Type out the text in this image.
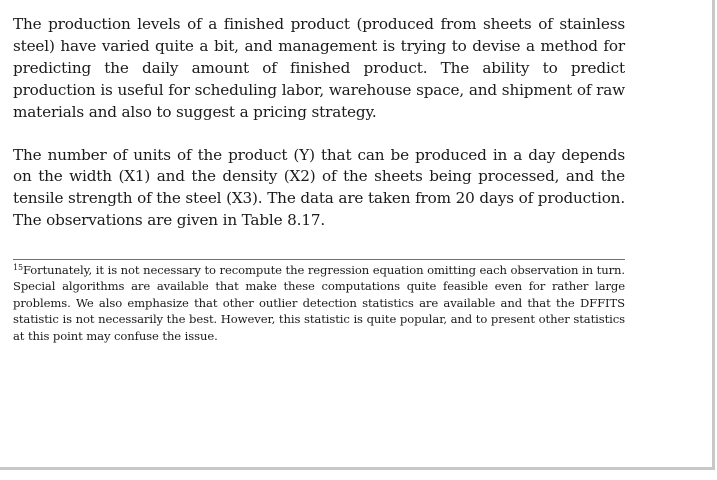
The production levels of a finished product (produced from sheets of stainless steel) have varied quite a bit, and management is trying to devise a method for predicting the daily amount of finished product. The ability to predict production is useful for scheduling labor, warehouse space, and shipment of raw materials and also to suggest a pricing strategy.

The number of units of the product (Y) that can be produced in a day depends on the width (X1) and the density (X2) of the sheets being processed, and the tensile strength of the steel (X3). The data are taken from 20 days of production. The observations are given in Table 8.17.

$^{15}$Fortunately, it is not necessary to recompute the regression equation omitting each observation in turn. Special algorithms are available that make these computations quite feasible even for rather large problems. We also emphasize that other outlier detection statistics are available and that the DFFITS statistic is not necessarily the best. However, this statistic is quite popular, and to present other statistics at this point may confuse the issue.
